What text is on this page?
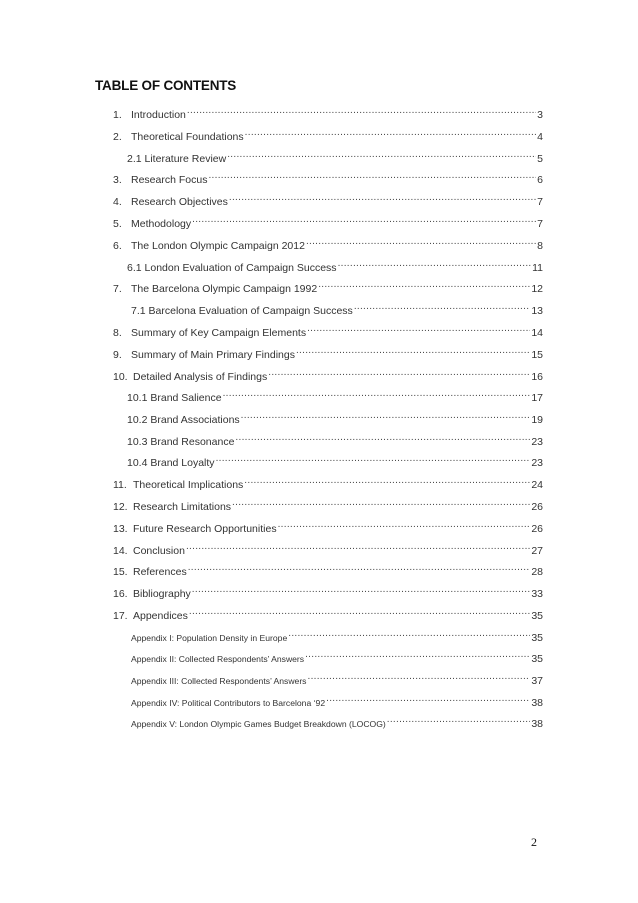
TABLE OF CONTENTS
1. Introduction .....	3
2. Theoretical Foundations .....	4
2.1 Literature Review .....	5
3. Research Focus .....	6
4. Research Objectives .....	7
5. Methodology .....	7
6. The London Olympic Campaign 2012 .....	8
6.1 London Evaluation of Campaign Success .....	11
7. The Barcelona Olympic Campaign 1992 .....	12
7.1 Barcelona Evaluation of Campaign Success .....	13
8. Summary of Key Campaign Elements .....	14
9. Summary of Main Primary Findings .....	15
10. Detailed Analysis of Findings .....	16
10.1 Brand Salience .....	17
10.2 Brand Associations .....	19
10.3 Brand Resonance .....	23
10.4 Brand Loyalty .....	23
11. Theoretical Implications .....	24
12. Research Limitations .....	26
13. Future Research Opportunities .....	26
14. Conclusion .....	27
15. References .....	28
16. Bibliography .....	33
17. Appendices .....	35
Appendix I: Population Density in Europe .....	35
Appendix II: Collected Respondents’ Answers .....	35
Appendix III: Collected Respondents’ Answers .....	37
Appendix IV: Political Contributors to Barcelona ‘92 .....	38
Appendix V: London Olympic Games Budget Breakdown (LOCOG) .....	38
2
